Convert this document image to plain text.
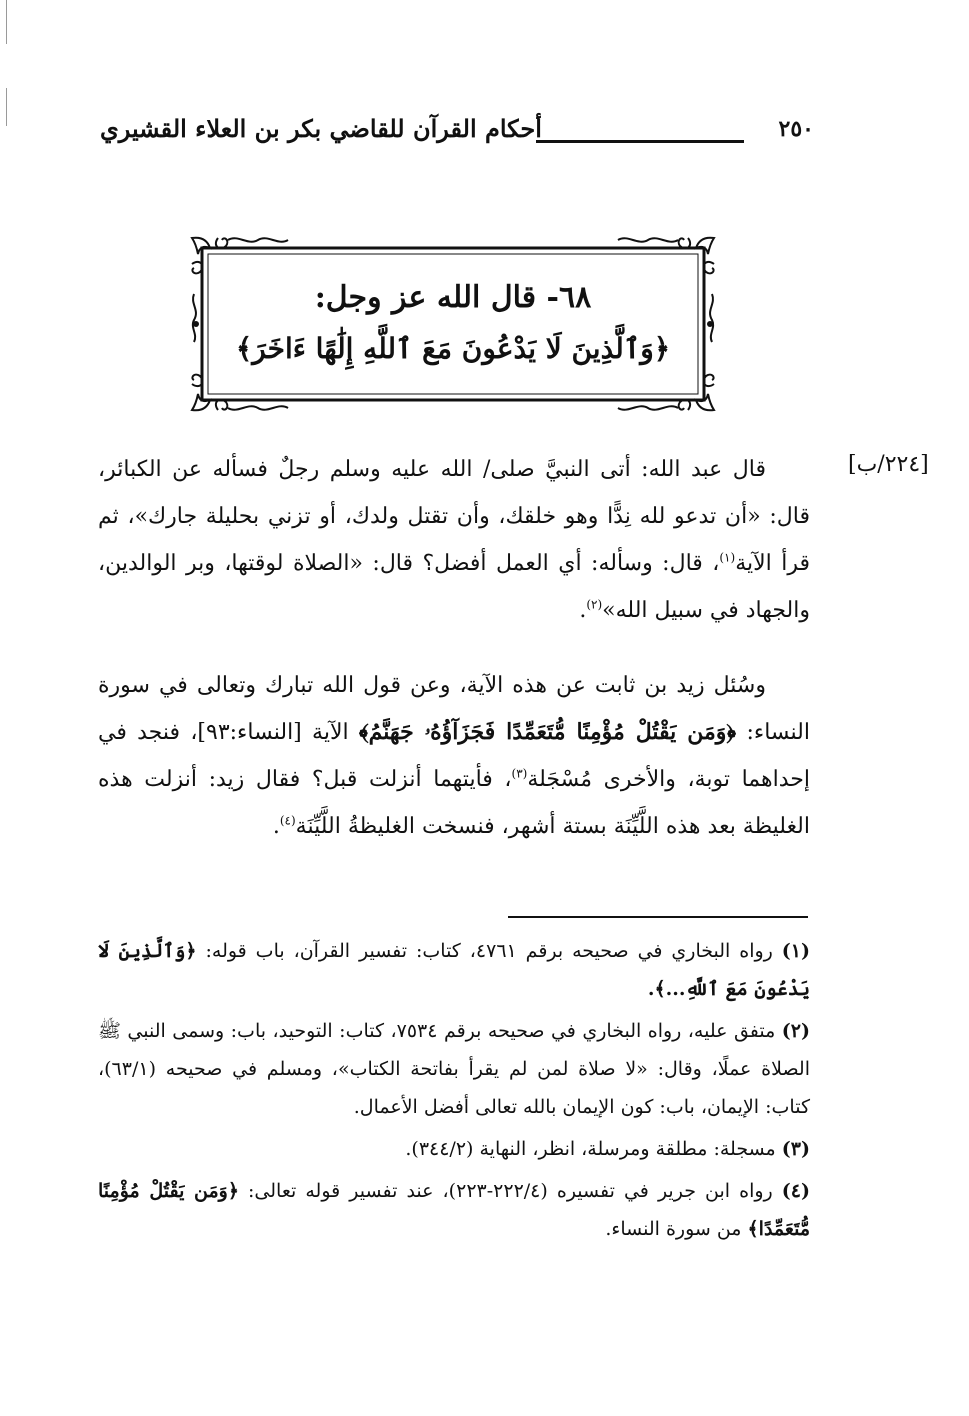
٢٥٠
أحكام القرآن للقاضي بكر بن العلاء القشيري
٦٨- قال الله عز وجل:
﴿وَٱلَّذِينَ لَا يَدْعُونَ مَعَ ٱللَّهِ إِلَٰهًا ءَاخَرَ﴾
[٢٢٤/ب]

قال عبد الله: أتى النبيَّ صلى/ الله عليه وسلم رجلٌ فسأله عن الكبائر، قال: «أن تدعو لله نِدًّا وهو خلقك، وأن تقتل ولدك، أو تزني بحليلة جارك»، ثم قرأ الآية$^{(١)}$، قال: وسأله: أي العمل أفضل؟ قال: «الصلاة لوقتها، وبر الوالدين، والجهاد في سبيل الله»$^{(٢)}$.

وسُئل زيد بن ثابت عن هذه الآية، وعن قول الله تبارك وتعالى في سورة النساء: ﴿وَمَن يَقْتُلْ مُؤْمِنًا مُّتَعَمِّدًا فَجَزَآؤُهُۥ جَهَنَّمُ﴾ الآية [النساء:٩٣]، فنجد في إحداهما توبة، والأخرى مُسْجَلة$^{(٣)}$، فأيتهما أنزلت قبل؟ فقال زيد: أنزلت هذه الغليظة بعد هذه اللَّيِّنَة بستة أشهر، فنسخت الغليظةُ اللَّيِّنَة$^{(٤)}$.

(١) رواه البخاري في صحيحه برقم ٤٧٦١، كتاب: تفسير القرآن، باب قوله: ﴿وَٱلَّذِينَ لَا يَدْعُونَ مَعَ ٱللَّهِ...﴾.

(٢) متفق عليه، رواه البخاري في صحيحه برقم ٧٥٣٤، كتاب: التوحيد، باب: وسمى النبي ﷺ الصلاة عملًا، وقال: «لا صلاة لمن لم يقرأ بفاتحة الكتاب»، ومسلم في صحيحه (٦٣/١)، كتاب: الإيمان، باب: كون الإيمان بالله تعالى أفضل الأعمال.

(٣) مسجلة: مطلقة ومرسلة، انظر، النهاية (٣٤٤/٢).

(٤) رواه ابن جرير في تفسيره (٢٢٢/٤-٢٢٣)، عند تفسير قوله تعالى: ﴿وَمَن يَقْتُلْ مُؤْمِنًا مُّتَعَمِّدًا﴾ من سورة النساء.
